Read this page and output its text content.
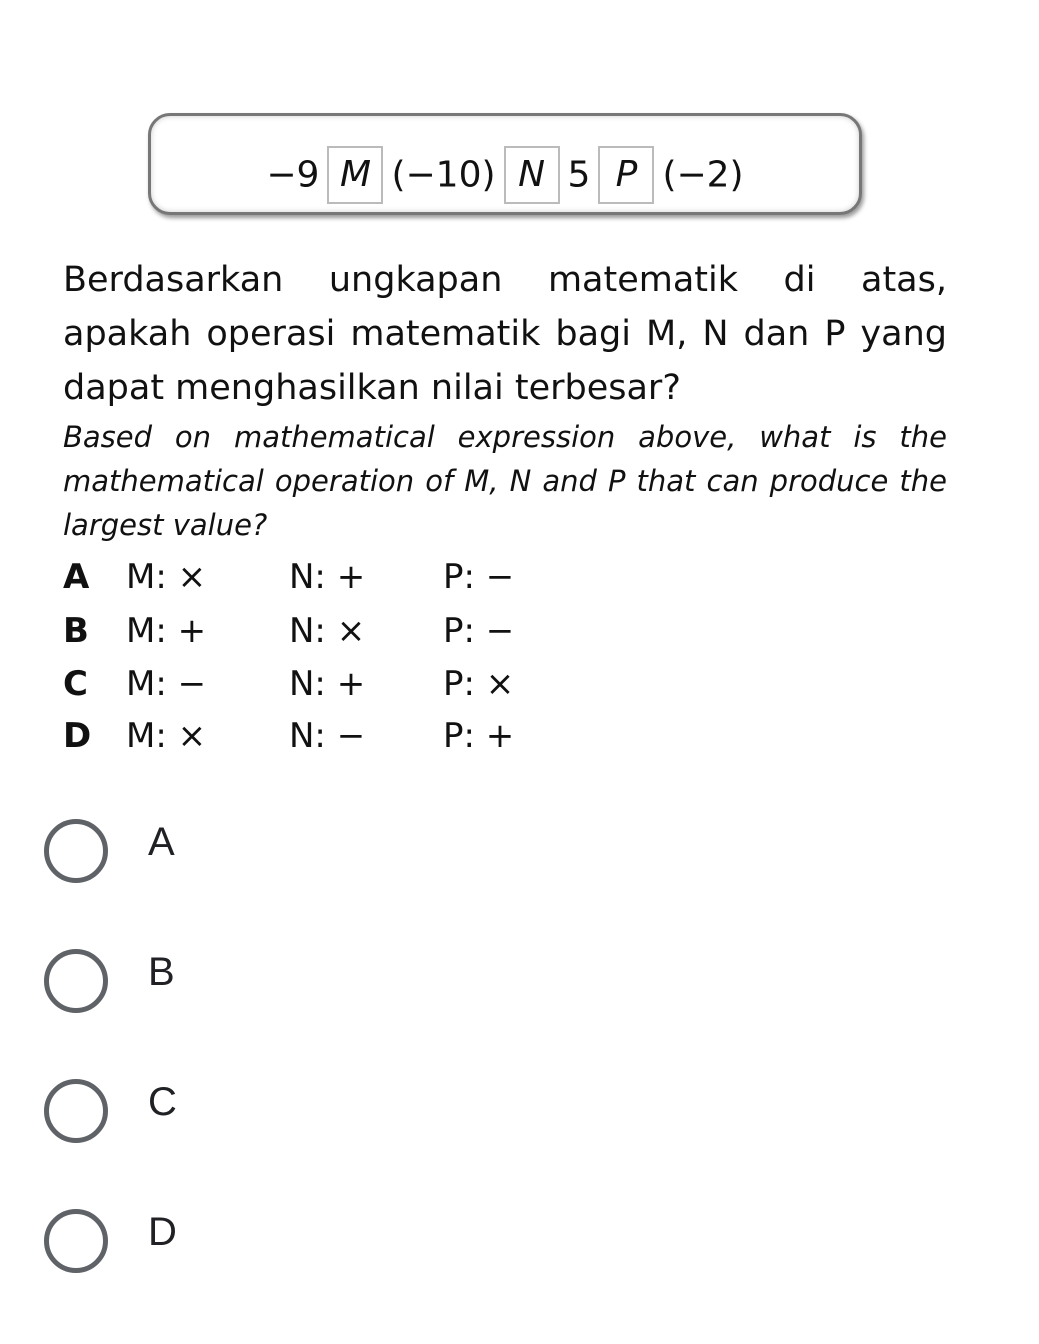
−9 M (−10) N 5 P (−2)
Berdasarkan ungkapan matematik di atas, apakah operasi matematik bagi M, N dan P yang dapat menghasilkan nilai terbesar?
Based on mathematical expression above, what is the mathematical operation of M, N and P that can produce the largest value?
A M: × N: + P: −
B M: + N: × P: −
C M: − N: + P: ×
D M: × N: − P: +
A
B
C
D
